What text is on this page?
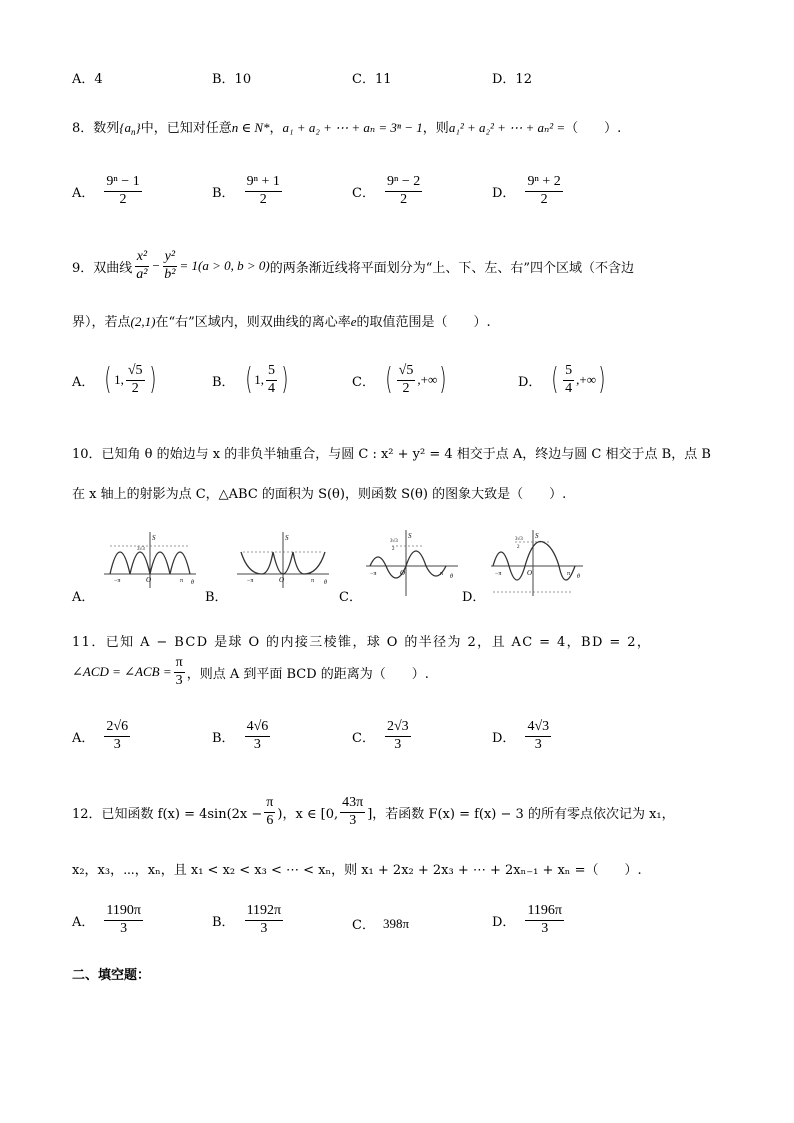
A．4	B．10	C．11	D．12
8．数列$\{a_n\}$中，已知对任意n ∈ N*，a₁ + a₂ + ⋯ + aₙ = 3ⁿ − 1，则a₁² + a₂² + ⋯ + aₙ² =（　　）.
A． $\frac{\text{9ⁿ − 1}}{2}$	B． $\frac{\text{9ⁿ + 1}}{2}$	C． $\frac{\text{9ⁿ − 2}}{2}$	D． $\frac{\text{9ⁿ + 2}}{2}$
9． 双曲线 $\frac{\text{x²}}{\text{a²}} - \frac{\text{y²}}{\text{b²}} = 1(a > 0$, b > 0) 的两条渐近线将平面划分为“上、下、左、右”四个区域（不含边
界），若点(2,1)在“右”区域内，则双曲线的离心率e的取值范围是（　　）.
A． ( 1, $\frac{√5}{2}$ )	B． ( 1, $\frac{5}{4}$ )	C． ( $\frac{√5}{2}$ ,+∞ )	D． ( $\frac{5}{4}$ ,+∞ )
10．已知角 θ 的始边与 x 的非负半轴重合，与圆 C : x² + y² = 4 相交于点 A，终边与圆 C 相交于点 B，点 B
在 x 轴上的射影为点 C，△ABC 的面积为 S(θ)，则函数 S(θ) 的图象大致是（　　）.
A．	B．	C．	D．
S
3√3
O	π
−π	θ
S
O	π
−π	θ
S
3√3
2
O	π
−π	θ
S
3√3
2
O	π
−π	θ
11．已知 A − BCD 是球 O 的内接三棱锥，球 O 的半径为 2，且 AC = 4，BD = 2，
∠ACD = ∠ACB = $\frac{\pi}{3}$ ，则点 A 到平面 BCD 的距离为（　　）.
A． $\frac{2√6}{3}$	B． $\frac{4√6}{3}$	C． $\frac{2√3}{3}$	D． $\frac{4√3}{3}$
12．已知函数 $f(x) = 4\sin(2x - \frac{\pi}{6}$ )，x ∈ [0, $\frac{43\pi}{3}$ ]，若函数 F(x) = f(x) − 3 的所有零点依次记为 x₁，
x₂，x₃，⋯，xₙ，且 x₁ < x₂ < x₃ < ⋯ < xₙ，则 x₁ + 2x₂ + 2x₃ + ⋯ + 2xₙ₋₁ + xₙ =（　　）.
A． $\frac{1190\pi}{3}$	B． $\frac{1192\pi}{3}$	C． 398π	D． $\frac{1196\pi}{3}$
二、填空题：
